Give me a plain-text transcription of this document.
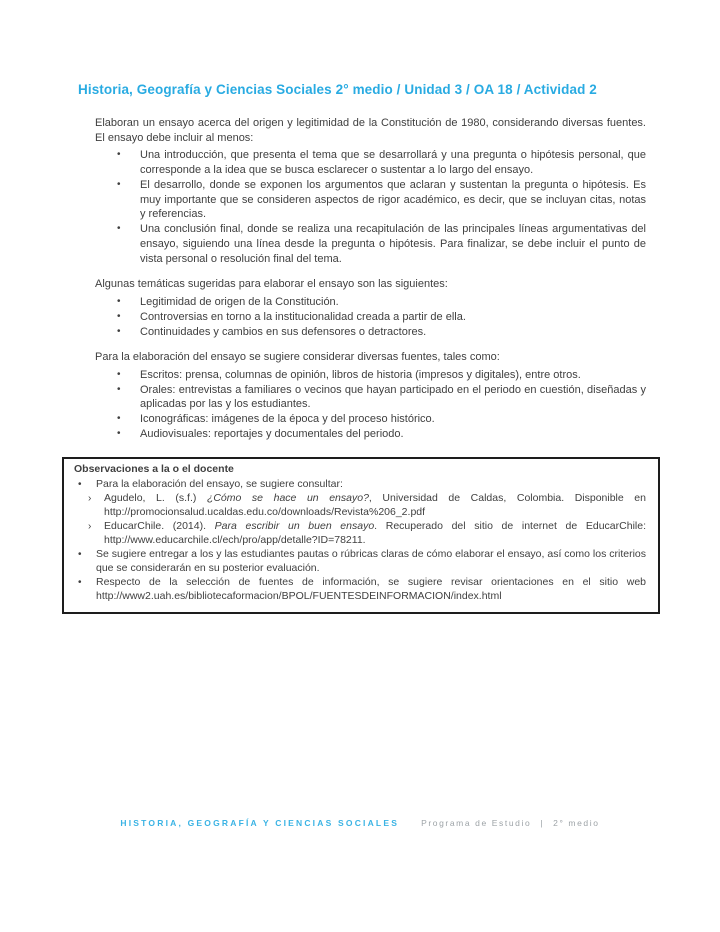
Historia, Geografía y Ciencias Sociales 2° medio / Unidad 3 / OA 18 / Actividad 2

Elaboran un ensayo acerca del origen y legitimidad de la Constitución de 1980, considerando diversas fuentes. El ensayo debe incluir al menos:

•	Una introducción, que presenta el tema que se desarrollará y una pregunta o hipótesis personal, que corresponde a la idea que se busca esclarecer o sustentar a lo largo del ensayo.
•	El desarrollo, donde se exponen los argumentos que aclaran y sustentan la pregunta o hipótesis. Es muy importante que se consideren aspectos de rigor académico, es decir, que se incluyan citas, notas y referencias.
•	Una conclusión final, donde se realiza una recapitulación de las principales líneas argumentativas del ensayo, siguiendo una línea desde la pregunta o hipótesis. Para finalizar, se debe incluir el punto de vista personal o resolución final del tema.

Algunas temáticas sugeridas para elaborar el ensayo son las siguientes:

•	Legitimidad de origen de la Constitución.
•	Controversias en torno a la institucionalidad creada a partir de ella.
•	Continuidades y cambios en sus defensores o detractores.

Para la elaboración del ensayo se sugiere considerar diversas fuentes, tales como:

•	Escritos: prensa, columnas de opinión, libros de historia (impresos y digitales), entre otros.
•	Orales: entrevistas a familiares o vecinos que hayan participado en el periodo en cuestión, diseñadas y aplicadas por las y los estudiantes.
•	Iconográficas: imágenes de la época y del proceso histórico.
•	Audiovisuales: reportajes y documentales del periodo.
Observaciones a la o el docente
•	Para la elaboración del ensayo, se sugiere consultar:
›	Agudelo, L. (s.f.) ¿Cómo se hace un ensayo?, Universidad de Caldas, Colombia. Disponible en http://promocionsalud.ucaldas.edu.co/downloads/Revista%206_2.pdf
›	EducarChile. (2014). Para escribir un buen ensayo. Recuperado del sitio de internet de EducarChile: http://www.educarchile.cl/ech/pro/app/detalle?ID=78211.
•	Se sugiere entregar a los y las estudiantes pautas o rúbricas claras de cómo elaborar el ensayo, así como los criterios que se considerarán en su posterior evaluación.
•	Respecto de la selección de fuentes de información, se sugiere revisar orientaciones en el sitio web http://www2.uah.es/bibliotecaformacion/BPOL/FUENTESDEINFORMACION/index.html
HISTORIA, GEOGRAFÍA Y CIENCIAS SOCIALES	Programa de Estudio | 2° medio
